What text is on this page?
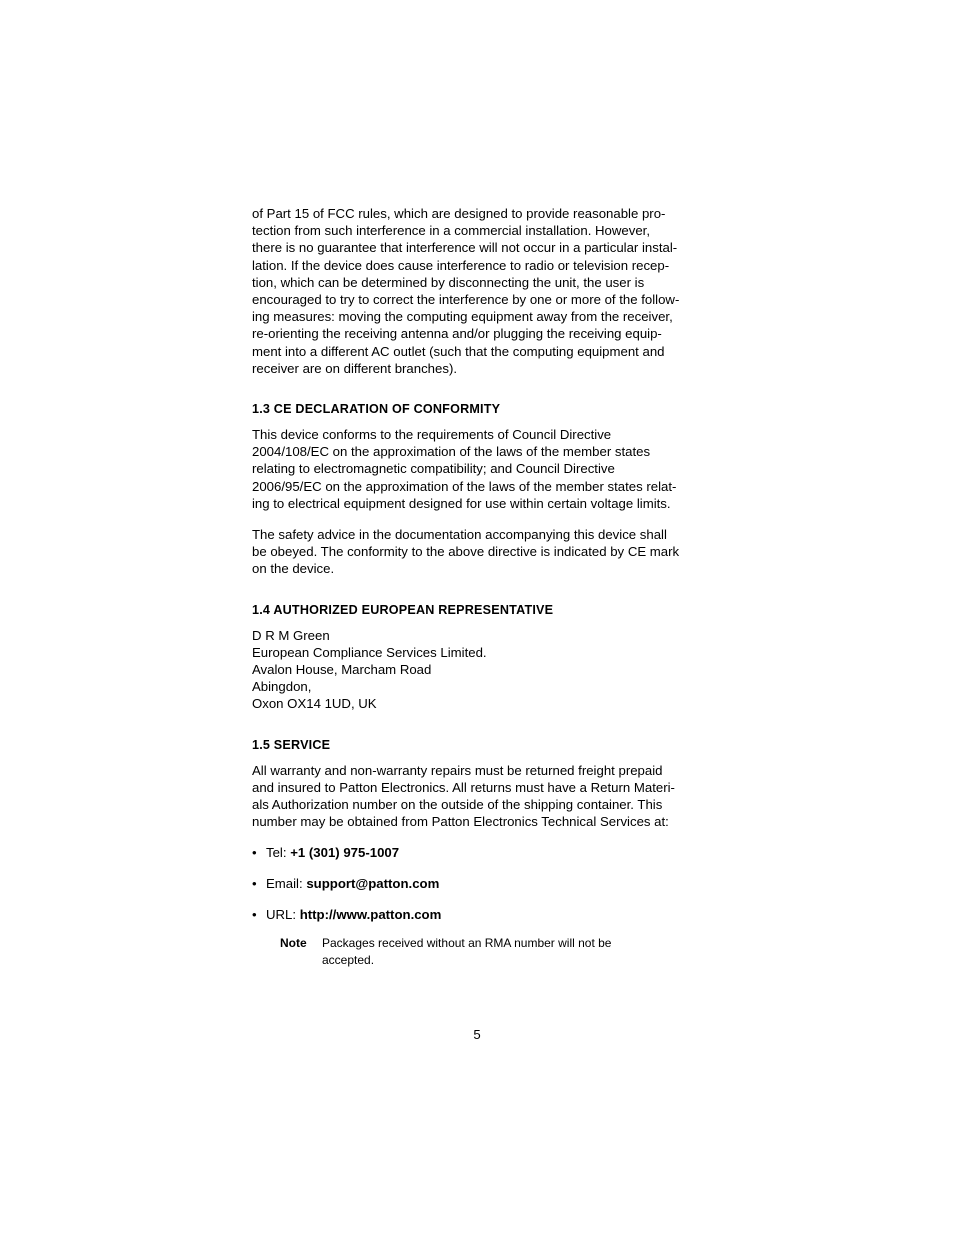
of Part 15 of FCC rules, which are designed to provide reasonable pro-
tection from such interference in a commercial installation. However,
there is no guarantee that interference will not occur in a particular instal-
lation. If the device does cause interference to radio or television recep-
tion, which can be determined by disconnecting the unit, the user is
encouraged to try to correct the interference by one or more of the follow-
ing measures: moving the computing equipment away from the receiver,
re-orienting the receiving antenna and/or plugging the receiving equip-
ment into a different AC outlet (such that the computing equipment and
receiver are on different branches).

1.3 CE DECLARATION OF CONFORMITY

This device conforms to the requirements of Council Directive
2004/108/EC on the approximation of the laws of the member states
relating to electromagnetic compatibility; and Council Directive
2006/95/EC on the approximation of the laws of the member states relat-
ing to electrical equipment designed for use within certain voltage limits.

The safety advice in the documentation accompanying this device shall
be obeyed. The conformity to the above directive is indicated by CE mark
on the device.

1.4 AUTHORIZED EUROPEAN REPRESENTATIVE

D R M Green
European Compliance Services Limited.
Avalon House, Marcham Road
Abingdon,
Oxon OX14 1UD, UK

1.5 SERVICE

All warranty and non-warranty repairs must be returned freight prepaid
and insured to Patton Electronics. All returns must have a Return Materi-
als Authorization number on the outside of the shipping container. This
number may be obtained from Patton Electronics Technical Services at:

• Tel: +1 (301) 975-1007
• Email: support@patton.com
• URL: http://www.patton.com
Note Packages received without an RMA number will not be
accepted.
5
